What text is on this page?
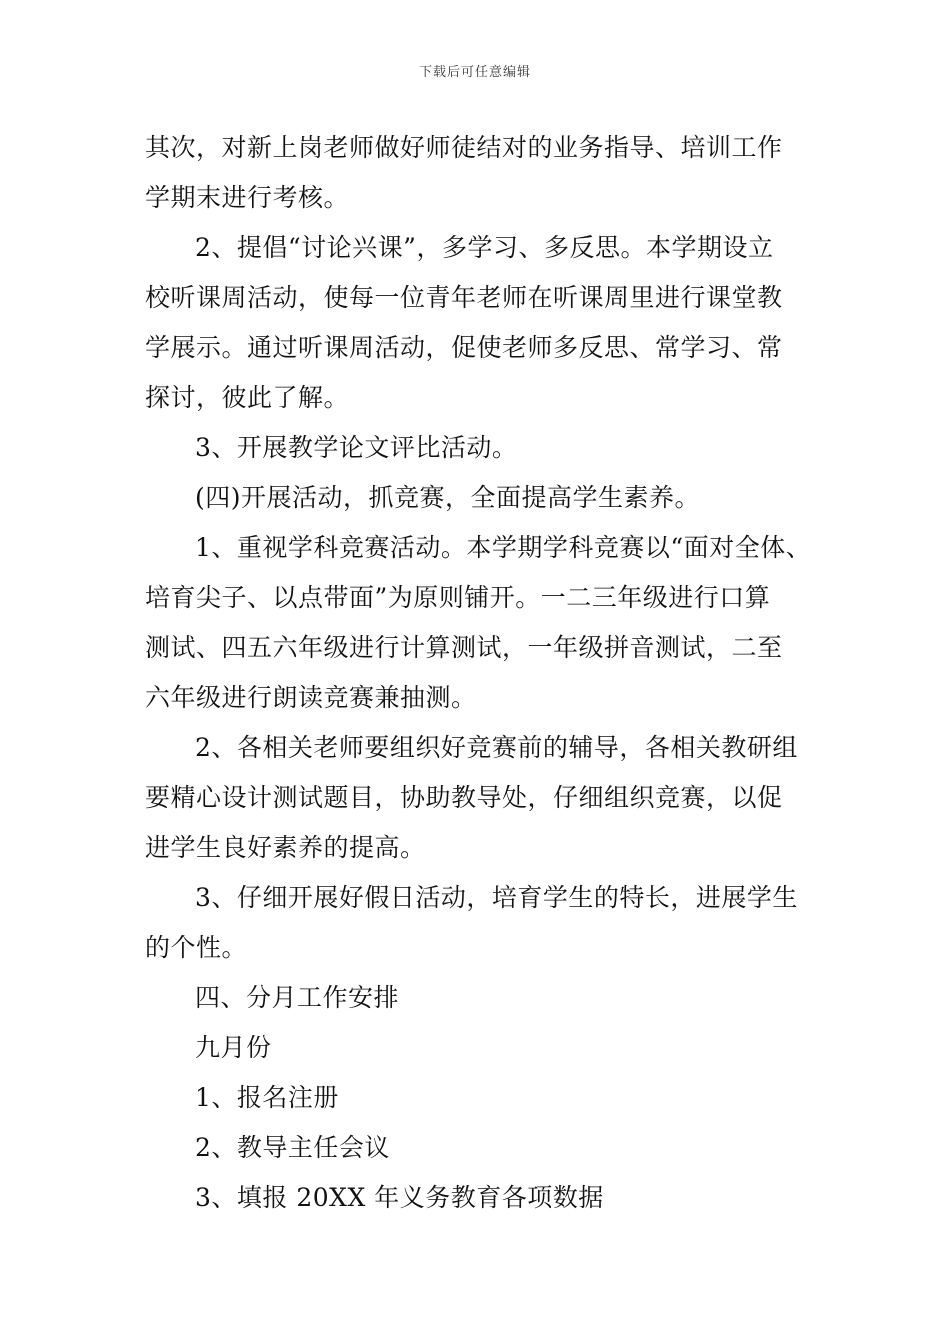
下载后可任意编辑
其次，对新上岗老师做好师徒结对的业务指导、培训工作
学期末进行考核。
2、提倡“讨论兴课”，多学习、多反思。本学期设立
校听课周活动，使每一位青年老师在听课周里进行课堂教
学展示。通过听课周活动，促使老师多反思、常学习、常
探讨，彼此了解。
3、开展教学论文评比活动。
(四)开展活动，抓竞赛，全面提高学生素养。
1、重视学科竞赛活动。本学期学科竞赛以“面对全体、
培育尖子、以点带面”为原则铺开。一二三年级进行口算
测试、四五六年级进行计算测试，一年级拼音测试，二至
六年级进行朗读竞赛兼抽测。
2、各相关老师要组织好竞赛前的辅导，各相关教研组
要精心设计测试题目，协助教导处，仔细组织竞赛，以促
进学生良好素养的提高。
3、仔细开展好假日活动，培育学生的特长，进展学生
的个性。
四、分月工作安排
九月份
1、报名注册
2、教导主任会议
3、填报 20XX 年义务教育各项数据
